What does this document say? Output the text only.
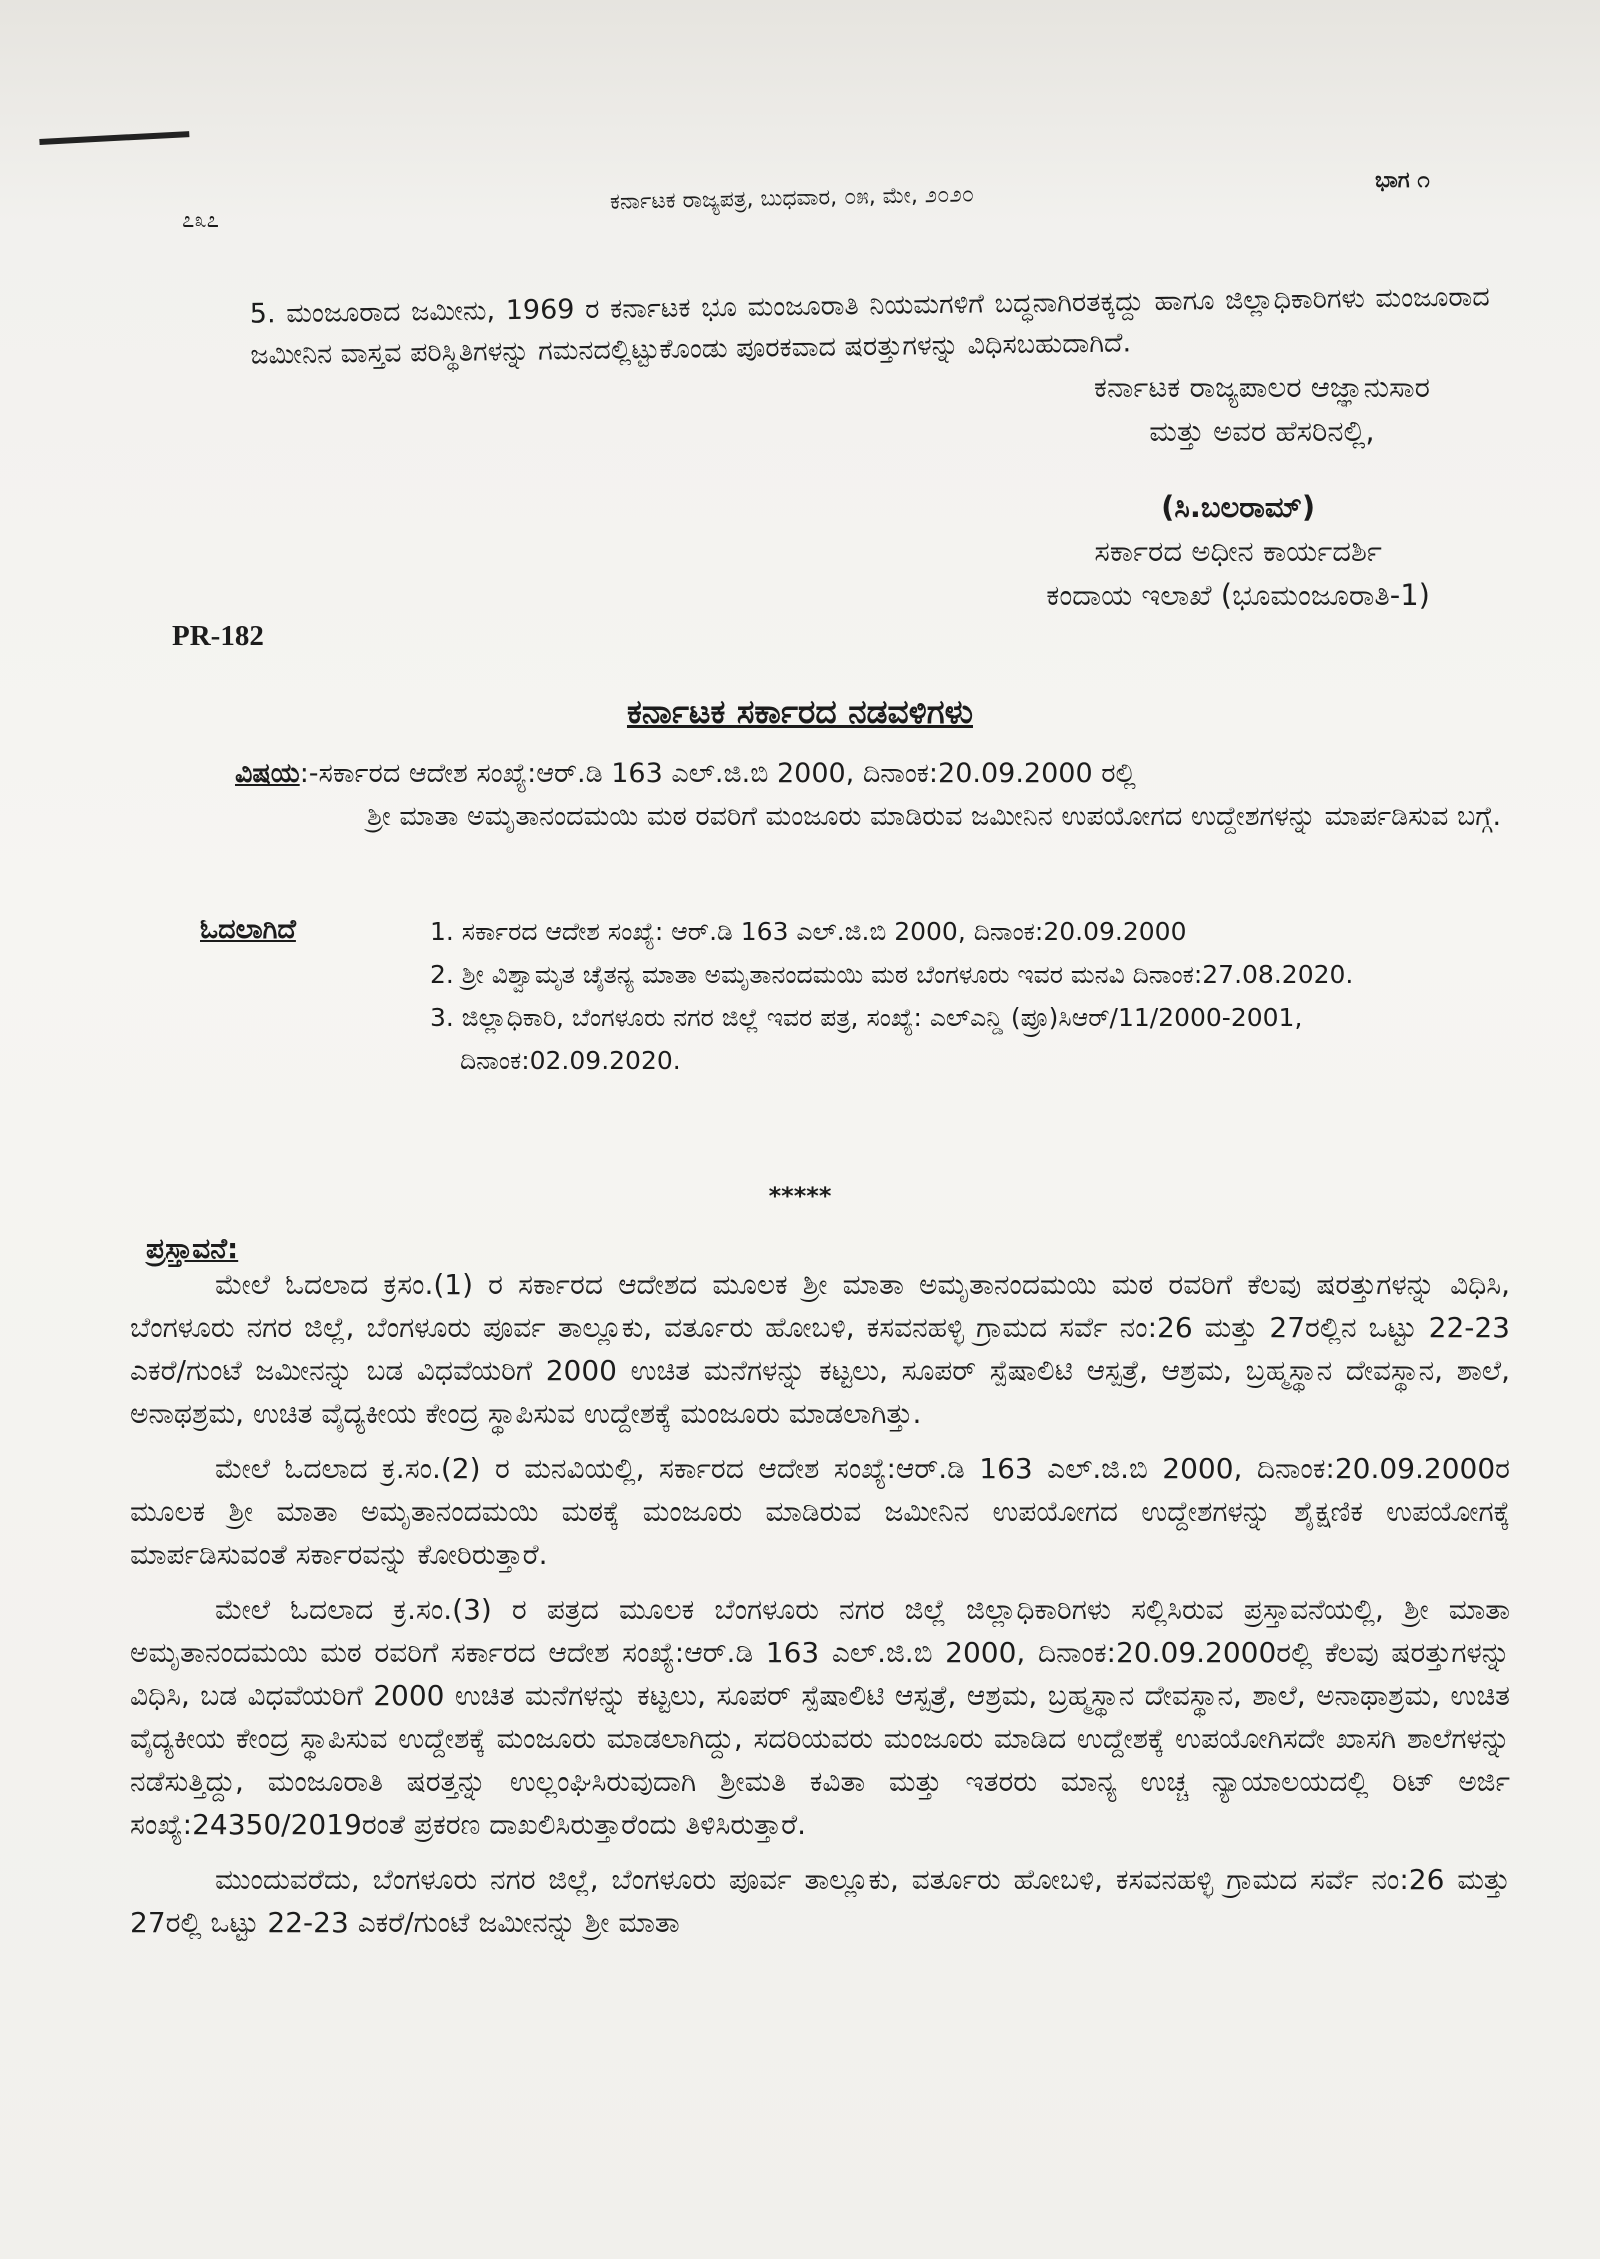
೭೩೭
ಕರ್ನಾಟಕ ರಾಜ್ಯಪತ್ರ, ಬುಧವಾರ, ೦೫, ಮೇ, ೨೦೨೦
ಭಾಗ ೧

5. ಮಂಜೂರಾದ ಜಮೀನು, 1969 ರ ಕರ್ನಾಟಕ ಭೂ ಮಂಜೂರಾತಿ ನಿಯಮಗಳಿಗೆ ಬದ್ಧನಾಗಿರತಕ್ಕದ್ದು ಹಾಗೂ ಜಿಲ್ಲಾಧಿಕಾರಿಗಳು ಮಂಜೂರಾದ ಜಮೀನಿನ ವಾಸ್ತವ ಪರಿಸ್ಥಿತಿಗಳನ್ನು ಗಮನದಲ್ಲಿಟ್ಟುಕೊಂಡು ಪೂರಕವಾದ ಷರತ್ತುಗಳನ್ನು ವಿಧಿಸಬಹುದಾಗಿದೆ.

ಕರ್ನಾಟಕ ರಾಜ್ಯಪಾಲರ ಆಜ್ಞಾನುಸಾರ
ಮತ್ತು ಅವರ ಹೆಸರಿನಲ್ಲಿ,
(ಸಿ.ಬಲರಾಮ್)
ಸರ್ಕಾರದ ಅಧೀನ ಕಾರ್ಯದರ್ಶಿ
ಕಂದಾಯ ಇಲಾಖೆ (ಭೂಮಂಜೂರಾತಿ-1)
PR-182
ಕರ್ನಾಟಕ ಸರ್ಕಾರದ ನಡವಳಿಗಳು
ವಿಷಯ:-ಸರ್ಕಾರದ ಆದೇಶ ಸಂಖ್ಯೆ:ಆರ್.ಡಿ 163 ಎಲ್.ಜಿ.ಬಿ 2000, ದಿನಾಂಕ:20.09.2000 ರಲ್ಲಿ
ಶ್ರೀ ಮಾತಾ ಅಮೃತಾನಂದಮಯಿ ಮಠ ರವರಿಗೆ ಮಂಜೂರು ಮಾಡಿರುವ ಜಮೀನಿನ ಉಪಯೋಗದ ಉದ್ದೇಶಗಳನ್ನು ಮಾರ್ಪಡಿಸುವ ಬಗ್ಗೆ.
ಓದಲಾಗಿದೆ	1. ಸರ್ಕಾರದ ಆದೇಶ ಸಂಖ್ಯೆ: ಆರ್.ಡಿ 163 ಎಲ್.ಜಿ.ಬಿ 2000, ದಿನಾಂಕ:20.09.2000
2. ಶ್ರೀ ವಿಶ್ವಾಮೃತ ಚೈತನ್ಯ ಮಾತಾ ಅಮೃತಾನಂದಮಯಿ ಮಠ ಬೆಂಗಳೂರು ಇವರ ಮನವಿ ದಿನಾಂಕ:27.08.2020.
3. ಜಿಲ್ಲಾಧಿಕಾರಿ, ಬೆಂಗಳೂರು ನಗರ ಜಿಲ್ಲೆ ಇವರ ಪತ್ರ, ಸಂಖ್ಯೆ: ಎಲ್ಎನ್ಡಿ (ಪ್ರೂ)ಸಿಆರ್/11/2000-2001, ದಿನಾಂಕ:02.09.2020.
*****
ಪ್ರಸ್ತಾವನೆ:

ಮೇಲೆ ಓದಲಾದ ಕ್ರಸಂ.(1) ರ ಸರ್ಕಾರದ ಆದೇಶದ ಮೂಲಕ ಶ್ರೀ ಮಾತಾ ಅಮೃತಾನಂದಮಯಿ ಮಠ ರವರಿಗೆ ಕೆಲವು ಷರತ್ತುಗಳನ್ನು ವಿಧಿಸಿ, ಬೆಂಗಳೂರು ನಗರ ಜಿಲ್ಲೆ, ಬೆಂಗಳೂರು ಪೂರ್ವ ತಾಲ್ಲೂಕು, ವರ್ತೂರು ಹೋಬಳಿ, ಕಸವನಹಳ್ಳಿ ಗ್ರಾಮದ ಸರ್ವೆ ನಂ:26 ಮತ್ತು 27ರಲ್ಲಿನ ಒಟ್ಟು 22-23 ಎಕರೆ/ಗುಂಟೆ ಜಮೀನನ್ನು ಬಡ ವಿಧವೆಯರಿಗೆ 2000 ಉಚಿತ ಮನೆಗಳನ್ನು ಕಟ್ಟಲು, ಸೂಪರ್ ಸ್ಪೆಷಾಲಿಟಿ ಆಸ್ಪತ್ರೆ, ಆಶ್ರಮ, ಬ್ರಹ್ಮಸ್ಥಾನ ದೇವಸ್ಥಾನ, ಶಾಲೆ, ಅನಾಥಶ್ರಮ, ಉಚಿತ ವೈದ್ಯಕೀಯ ಕೇಂದ್ರ ಸ್ಥಾಪಿಸುವ ಉದ್ದೇಶಕ್ಕೆ ಮಂಜೂರು ಮಾಡಲಾಗಿತ್ತು.

ಮೇಲೆ ಓದಲಾದ ಕ್ರ.ಸಂ.(2) ರ ಮನವಿಯಲ್ಲಿ, ಸರ್ಕಾರದ ಆದೇಶ ಸಂಖ್ಯೆ:ಆರ್.ಡಿ 163 ಎಲ್.ಜಿ.ಬಿ 2000, ದಿನಾಂಕ:20.09.2000ರ ಮೂಲಕ ಶ್ರೀ ಮಾತಾ ಅಮೃತಾನಂದಮಯಿ ಮಠಕ್ಕೆ ಮಂಜೂರು ಮಾಡಿರುವ ಜಮೀನಿನ ಉಪಯೋಗದ ಉದ್ದೇಶಗಳನ್ನು ಶೈಕ್ಷಣಿಕ ಉಪಯೋಗಕ್ಕೆ ಮಾರ್ಪಡಿಸುವಂತೆ ಸರ್ಕಾರವನ್ನು ಕೋರಿರುತ್ತಾರೆ.

ಮೇಲೆ ಓದಲಾದ ಕ್ರ.ಸಂ.(3) ರ ಪತ್ರದ ಮೂಲಕ ಬೆಂಗಳೂರು ನಗರ ಜಿಲ್ಲೆ ಜಿಲ್ಲಾಧಿಕಾರಿಗಳು ಸಲ್ಲಿಸಿರುವ ಪ್ರಸ್ತಾವನೆಯಲ್ಲಿ, ಶ್ರೀ ಮಾತಾ ಅಮೃತಾನಂದಮಯಿ ಮಠ ರವರಿಗೆ ಸರ್ಕಾರದ ಆದೇಶ ಸಂಖ್ಯೆ:ಆರ್.ಡಿ 163 ಎಲ್.ಜಿ.ಬಿ 2000, ದಿನಾಂಕ:20.09.2000ರಲ್ಲಿ ಕೆಲವು ಷರತ್ತುಗಳನ್ನು ವಿಧಿಸಿ, ಬಡ ವಿಧವೆಯರಿಗೆ 2000 ಉಚಿತ ಮನೆಗಳನ್ನು ಕಟ್ಟಲು, ಸೂಪರ್ ಸ್ಪೆಷಾಲಿಟಿ ಆಸ್ಪತ್ರೆ, ಆಶ್ರಮ, ಬ್ರಹ್ಮಸ್ಥಾನ ದೇವಸ್ಥಾನ, ಶಾಲೆ, ಅನಾಥಾಶ್ರಮ, ಉಚಿತ ವೈದ್ಯಕೀಯ ಕೇಂದ್ರ ಸ್ಥಾಪಿಸುವ ಉದ್ದೇಶಕ್ಕೆ ಮಂಜೂರು ಮಾಡಲಾಗಿದ್ದು, ಸದರಿಯವರು ಮಂಜೂರು ಮಾಡಿದ ಉದ್ದೇಶಕ್ಕೆ ಉಪಯೋಗಿಸದೇ ಖಾಸಗಿ ಶಾಲೆಗಳನ್ನು ನಡೆಸುತ್ತಿದ್ದು, ಮಂಜೂರಾತಿ ಷರತ್ತನ್ನು ಉಲ್ಲಂಘಿಸಿರುವುದಾಗಿ ಶ್ರೀಮತಿ ಕವಿತಾ ಮತ್ತು ಇತರರು ಮಾನ್ಯ ಉಚ್ಚ ನ್ಯಾಯಾಲಯದಲ್ಲಿ ರಿಟ್ ಅರ್ಜಿ ಸಂಖ್ಯೆ:24350/2019ರಂತೆ ಪ್ರಕರಣ ದಾಖಲಿಸಿರುತ್ತಾರೆಂದು ತಿಳಿಸಿರುತ್ತಾರೆ.

ಮುಂದುವರೆದು, ಬೆಂಗಳೂರು ನಗರ ಜಿಲ್ಲೆ, ಬೆಂಗಳೂರು ಪೂರ್ವ ತಾಲ್ಲೂಕು, ವರ್ತೂರು ಹೋಬಳಿ, ಕಸವನಹಳ್ಳಿ ಗ್ರಾಮದ ಸರ್ವೆ ನಂ:26 ಮತ್ತು 27ರಲ್ಲಿ ಒಟ್ಟು 22-23 ಎಕರೆ/ಗುಂಟೆ ಜಮೀನನ್ನು ಶ್ರೀ ಮಾತಾ
